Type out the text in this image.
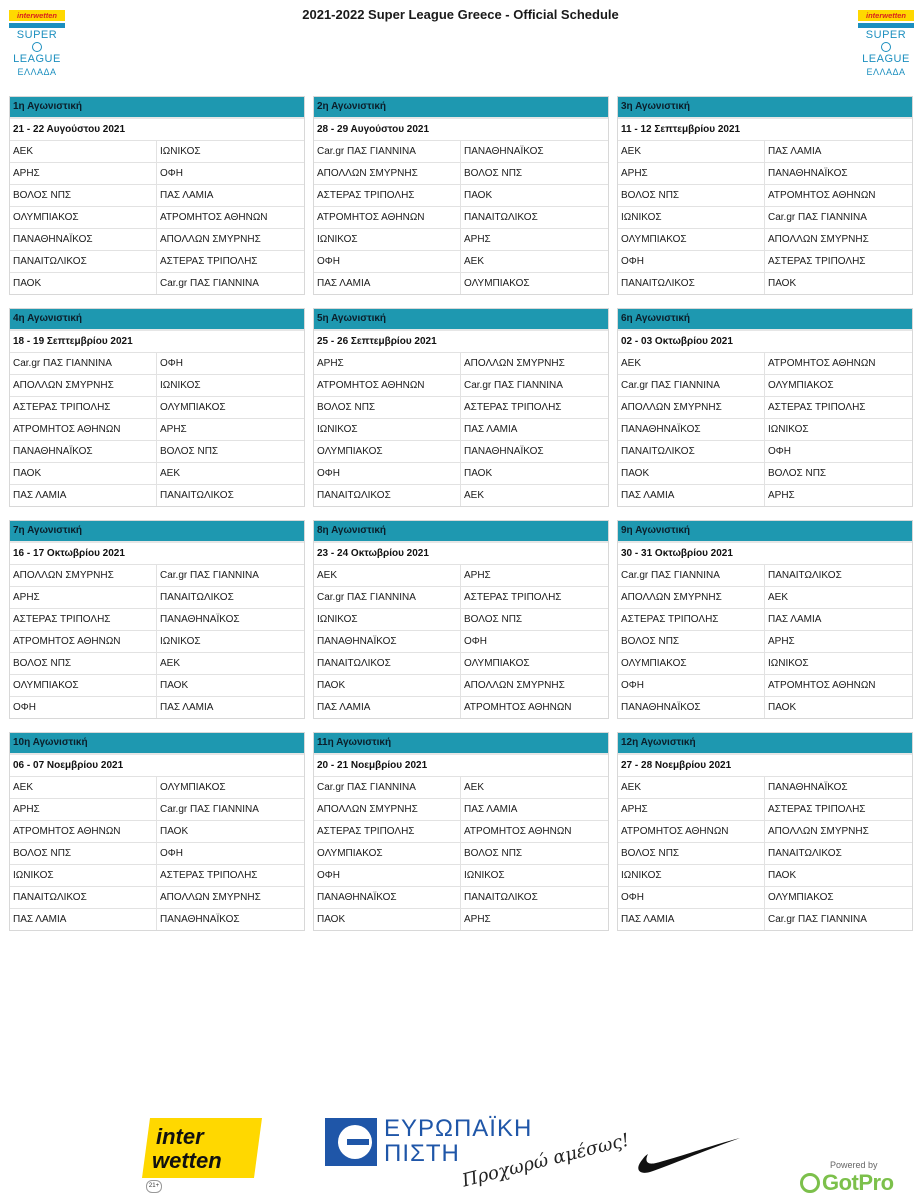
2021-2022 Super League Greece - Official Schedule
interwetten
SUPER
LEAGUE
ΕΛΛΑΔΑ
interwetten
SUPER
LEAGUE
ΕΛΛΑΔΑ
1η Αγωνιστική
21 - 22 Αυγούστου 2021
ΑΕΚ	ΙΩΝΙΚΟΣ
ΑΡΗΣ	ΟΦΗ
ΒΟΛΟΣ ΝΠΣ	ΠΑΣ ΛΑΜΙΑ
ΟΛΥΜΠΙΑΚΟΣ	ΑΤΡΟΜΗΤΟΣ ΑΘΗΝΩΝ
ΠΑΝΑΘΗΝΑΪΚΟΣ	ΑΠΟΛΛΩΝ ΣΜΥΡΝΗΣ
ΠΑΝΑΙΤΩΛΙΚΟΣ	ΑΣΤΕΡΑΣ ΤΡΙΠΟΛΗΣ
ΠΑΟΚ	Car.gr ΠΑΣ ΓΙΑΝΝΙΝΑ
2η Αγωνιστική
28 - 29 Αυγούστου 2021
Car.gr ΠΑΣ ΓΙΑΝΝΙΝΑ	ΠΑΝΑΘΗΝΑΪΚΟΣ
ΑΠΟΛΛΩΝ ΣΜΥΡΝΗΣ	ΒΟΛΟΣ ΝΠΣ
ΑΣΤΕΡΑΣ ΤΡΙΠΟΛΗΣ	ΠΑΟΚ
ΑΤΡΟΜΗΤΟΣ ΑΘΗΝΩΝ	ΠΑΝΑΙΤΩΛΙΚΟΣ
ΙΩΝΙΚΟΣ	ΑΡΗΣ
ΟΦΗ	ΑΕΚ
ΠΑΣ ΛΑΜΙΑ	ΟΛΥΜΠΙΑΚΟΣ
3η Αγωνιστική
11 - 12 Σεπτεμβρίου 2021
ΑΕΚ	ΠΑΣ ΛΑΜΙΑ
ΑΡΗΣ	ΠΑΝΑΘΗΝΑΪΚΟΣ
ΒΟΛΟΣ ΝΠΣ	ΑΤΡΟΜΗΤΟΣ ΑΘΗΝΩΝ
ΙΩΝΙΚΟΣ	Car.gr ΠΑΣ ΓΙΑΝΝΙΝΑ
ΟΛΥΜΠΙΑΚΟΣ	ΑΠΟΛΛΩΝ ΣΜΥΡΝΗΣ
ΟΦΗ	ΑΣΤΕΡΑΣ ΤΡΙΠΟΛΗΣ
ΠΑΝΑΙΤΩΛΙΚΟΣ	ΠΑΟΚ
4η Αγωνιστική
18 - 19 Σεπτεμβρίου 2021
Car.gr ΠΑΣ ΓΙΑΝΝΙΝΑ	ΟΦΗ
ΑΠΟΛΛΩΝ ΣΜΥΡΝΗΣ	ΙΩΝΙΚΟΣ
ΑΣΤΕΡΑΣ ΤΡΙΠΟΛΗΣ	ΟΛΥΜΠΙΑΚΟΣ
ΑΤΡΟΜΗΤΟΣ ΑΘΗΝΩΝ	ΑΡΗΣ
ΠΑΝΑΘΗΝΑΪΚΟΣ	ΒΟΛΟΣ ΝΠΣ
ΠΑΟΚ	ΑΕΚ
ΠΑΣ ΛΑΜΙΑ	ΠΑΝΑΙΤΩΛΙΚΟΣ
5η Αγωνιστική
25 - 26 Σεπτεμβρίου 2021
ΑΡΗΣ	ΑΠΟΛΛΩΝ ΣΜΥΡΝΗΣ
ΑΤΡΟΜΗΤΟΣ ΑΘΗΝΩΝ	Car.gr ΠΑΣ ΓΙΑΝΝΙΝΑ
ΒΟΛΟΣ ΝΠΣ	ΑΣΤΕΡΑΣ ΤΡΙΠΟΛΗΣ
ΙΩΝΙΚΟΣ	ΠΑΣ ΛΑΜΙΑ
ΟΛΥΜΠΙΑΚΟΣ	ΠΑΝΑΘΗΝΑΪΚΟΣ
ΟΦΗ	ΠΑΟΚ
ΠΑΝΑΙΤΩΛΙΚΟΣ	ΑΕΚ
6η Αγωνιστική
02 - 03 Οκτωβρίου 2021
ΑΕΚ	ΑΤΡΟΜΗΤΟΣ ΑΘΗΝΩΝ
Car.gr ΠΑΣ ΓΙΑΝΝΙΝΑ	ΟΛΥΜΠΙΑΚΟΣ
ΑΠΟΛΛΩΝ ΣΜΥΡΝΗΣ	ΑΣΤΕΡΑΣ ΤΡΙΠΟΛΗΣ
ΠΑΝΑΘΗΝΑΪΚΟΣ	ΙΩΝΙΚΟΣ
ΠΑΝΑΙΤΩΛΙΚΟΣ	ΟΦΗ
ΠΑΟΚ	ΒΟΛΟΣ ΝΠΣ
ΠΑΣ ΛΑΜΙΑ	ΑΡΗΣ
7η Αγωνιστική
16 - 17 Οκτωβρίου 2021
ΑΠΟΛΛΩΝ ΣΜΥΡΝΗΣ	Car.gr ΠΑΣ ΓΙΑΝΝΙΝΑ
ΑΡΗΣ	ΠΑΝΑΙΤΩΛΙΚΟΣ
ΑΣΤΕΡΑΣ ΤΡΙΠΟΛΗΣ	ΠΑΝΑΘΗΝΑΪΚΟΣ
ΑΤΡΟΜΗΤΟΣ ΑΘΗΝΩΝ	ΙΩΝΙΚΟΣ
ΒΟΛΟΣ ΝΠΣ	ΑΕΚ
ΟΛΥΜΠΙΑΚΟΣ	ΠΑΟΚ
ΟΦΗ	ΠΑΣ ΛΑΜΙΑ
8η Αγωνιστική
23 - 24 Οκτωβρίου 2021
ΑΕΚ	ΑΡΗΣ
Car.gr ΠΑΣ ΓΙΑΝΝΙΝΑ	ΑΣΤΕΡΑΣ ΤΡΙΠΟΛΗΣ
ΙΩΝΙΚΟΣ	ΒΟΛΟΣ ΝΠΣ
ΠΑΝΑΘΗΝΑΪΚΟΣ	ΟΦΗ
ΠΑΝΑΙΤΩΛΙΚΟΣ	ΟΛΥΜΠΙΑΚΟΣ
ΠΑΟΚ	ΑΠΟΛΛΩΝ ΣΜΥΡΝΗΣ
ΠΑΣ ΛΑΜΙΑ	ΑΤΡΟΜΗΤΟΣ ΑΘΗΝΩΝ
9η Αγωνιστική
30 - 31 Οκτωβρίου 2021
Car.gr ΠΑΣ ΓΙΑΝΝΙΝΑ	ΠΑΝΑΙΤΩΛΙΚΟΣ
ΑΠΟΛΛΩΝ ΣΜΥΡΝΗΣ	ΑΕΚ
ΑΣΤΕΡΑΣ ΤΡΙΠΟΛΗΣ	ΠΑΣ ΛΑΜΙΑ
ΒΟΛΟΣ ΝΠΣ	ΑΡΗΣ
ΟΛΥΜΠΙΑΚΟΣ	ΙΩΝΙΚΟΣ
ΟΦΗ	ΑΤΡΟΜΗΤΟΣ ΑΘΗΝΩΝ
ΠΑΝΑΘΗΝΑΪΚΟΣ	ΠΑΟΚ
10η Αγωνιστική
06 - 07 Νοεμβρίου 2021
ΑΕΚ	ΟΛΥΜΠΙΑΚΟΣ
ΑΡΗΣ	Car.gr ΠΑΣ ΓΙΑΝΝΙΝΑ
ΑΤΡΟΜΗΤΟΣ ΑΘΗΝΩΝ	ΠΑΟΚ
ΒΟΛΟΣ ΝΠΣ	ΟΦΗ
ΙΩΝΙΚΟΣ	ΑΣΤΕΡΑΣ ΤΡΙΠΟΛΗΣ
ΠΑΝΑΙΤΩΛΙΚΟΣ	ΑΠΟΛΛΩΝ ΣΜΥΡΝΗΣ
ΠΑΣ ΛΑΜΙΑ	ΠΑΝΑΘΗΝΑΪΚΟΣ
11η Αγωνιστική
20 - 21 Νοεμβρίου 2021
Car.gr ΠΑΣ ΓΙΑΝΝΙΝΑ	ΑΕΚ
ΑΠΟΛΛΩΝ ΣΜΥΡΝΗΣ	ΠΑΣ ΛΑΜΙΑ
ΑΣΤΕΡΑΣ ΤΡΙΠΟΛΗΣ	ΑΤΡΟΜΗΤΟΣ ΑΘΗΝΩΝ
ΟΛΥΜΠΙΑΚΟΣ	ΒΟΛΟΣ ΝΠΣ
ΟΦΗ	ΙΩΝΙΚΟΣ
ΠΑΝΑΘΗΝΑΪΚΟΣ	ΠΑΝΑΙΤΩΛΙΚΟΣ
ΠΑΟΚ	ΑΡΗΣ
12η Αγωνιστική
27 - 28 Νοεμβρίου 2021
ΑΕΚ	ΠΑΝΑΘΗΝΑΪΚΟΣ
ΑΡΗΣ	ΑΣΤΕΡΑΣ ΤΡΙΠΟΛΗΣ
ΑΤΡΟΜΗΤΟΣ ΑΘΗΝΩΝ	ΑΠΟΛΛΩΝ ΣΜΥΡΝΗΣ
ΒΟΛΟΣ ΝΠΣ	ΠΑΝΑΙΤΩΛΙΚΟΣ
ΙΩΝΙΚΟΣ	ΠΑΟΚ
ΟΦΗ	ΟΛΥΜΠΙΑΚΟΣ
ΠΑΣ ΛΑΜΙΑ	Car.gr ΠΑΣ ΓΙΑΝΝΙΝΑ
inter
wetten
21+
ΕΥΡΩΠΑΪΚΗ
ΠΙΣΤΗ Προχωρώ αμέσως!	Powered by
GotPro
